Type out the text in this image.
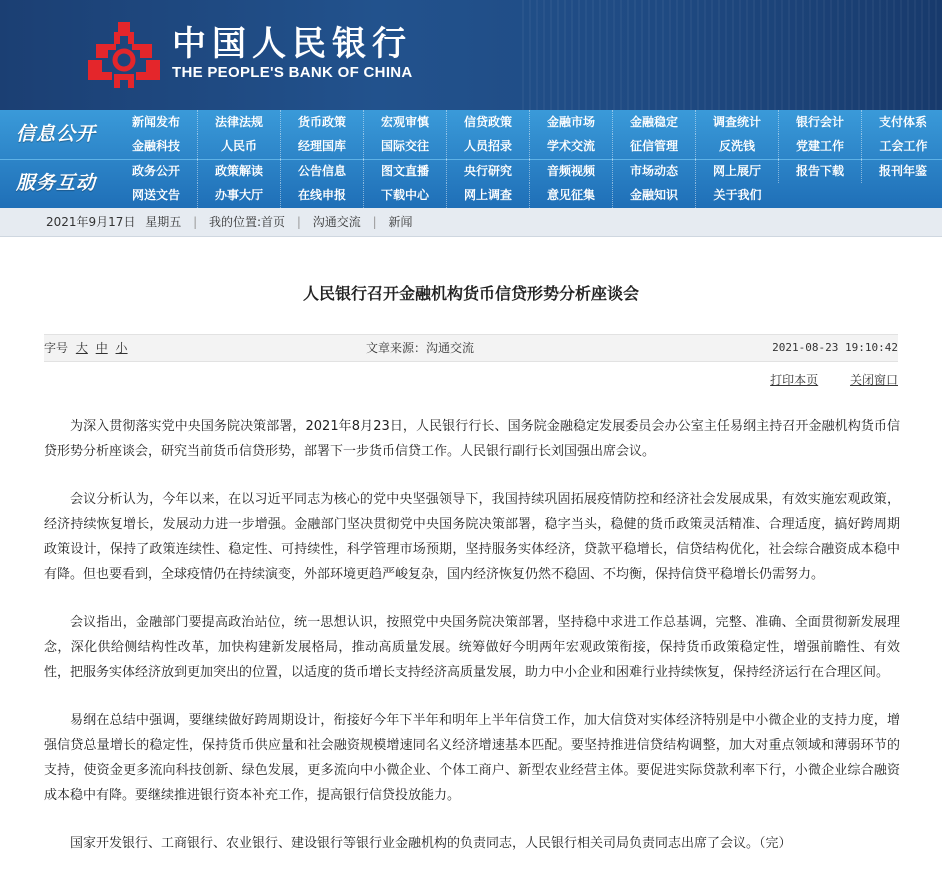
中国人民银行
THE PEOPLE'S BANK OF CHINA
信息公开
新闻发布	法律法规	货币政策	宏观审慎	信贷政策	金融市场	金融稳定	调查统计	银行会计	支付体系
金融科技	人民币	经理国库	国际交往	人员招录	学术交流	征信管理	反洗钱	党建工作	工会工作
服务互动
政务公开	政策解读	公告信息	图文直播	央行研究	音频视频	市场动态	网上展厅	报告下载	报刊年鉴
网送文告	办事大厅	在线申报	下载中心	网上调查	意见征集	金融知识	关于我们
2021年9月17日 星期五 | 我的位置:首页 | 沟通交流 | 新闻
人民银行召开金融机构货币信贷形势分析座谈会
字号 大 中 小	文章来源：沟通交流	2021-08-23 19:10:42
打印本页	关闭窗口

为深入贯彻落实党中央国务院决策部署，2021年8月23日，人民银行行长、国务院金融稳定发展委员会办公室主任易纲主持召开金融机构货币信贷形势分析座谈会，研究当前货币信贷形势，部署下一步货币信贷工作。人民银行副行长刘国强出席会议。

会议分析认为，今年以来，在以习近平同志为核心的党中央坚强领导下，我国持续巩固拓展疫情防控和经济社会发展成果，有效实施宏观政策，经济持续恢复增长，发展动力进一步增强。金融部门坚决贯彻党中央国务院决策部署，稳字当头，稳健的货币政策灵活精准、合理适度，搞好跨周期政策设计，保持了政策连续性、稳定性、可持续性，科学管理市场预期，坚持服务实体经济，贷款平稳增长，信贷结构优化，社会综合融资成本稳中有降。但也要看到，全球疫情仍在持续演变，外部环境更趋严峻复杂，国内经济恢复仍然不稳固、不均衡，保持信贷平稳增长仍需努力。

会议指出，金融部门要提高政治站位，统一思想认识，按照党中央国务院决策部署，坚持稳中求进工作总基调，完整、准确、全面贯彻新发展理念，深化供给侧结构性改革，加快构建新发展格局，推动高质量发展。统筹做好今明两年宏观政策衔接，保持货币政策稳定性，增强前瞻性、有效性，把服务实体经济放到更加突出的位置，以适度的货币增长支持经济高质量发展，助力中小企业和困难行业持续恢复，保持经济运行在合理区间。

易纲在总结中强调，要继续做好跨周期设计，衔接好今年下半年和明年上半年信贷工作，加大信贷对实体经济特别是中小微企业的支持力度，增强信贷总量增长的稳定性，保持货币供应量和社会融资规模增速同名义经济增速基本匹配。要坚持推进信贷结构调整，加大对重点领域和薄弱环节的支持，使资金更多流向科技创新、绿色发展，更多流向中小微企业、个体工商户、新型农业经营主体。要促进实际贷款利率下行，小微企业综合融资成本稳中有降。要继续推进银行资本补充工作，提高银行信贷投放能力。

国家开发银行、工商银行、农业银行、建设银行等银行业金融机构的负责同志，人民银行相关司局负责同志出席了会议。（完）
